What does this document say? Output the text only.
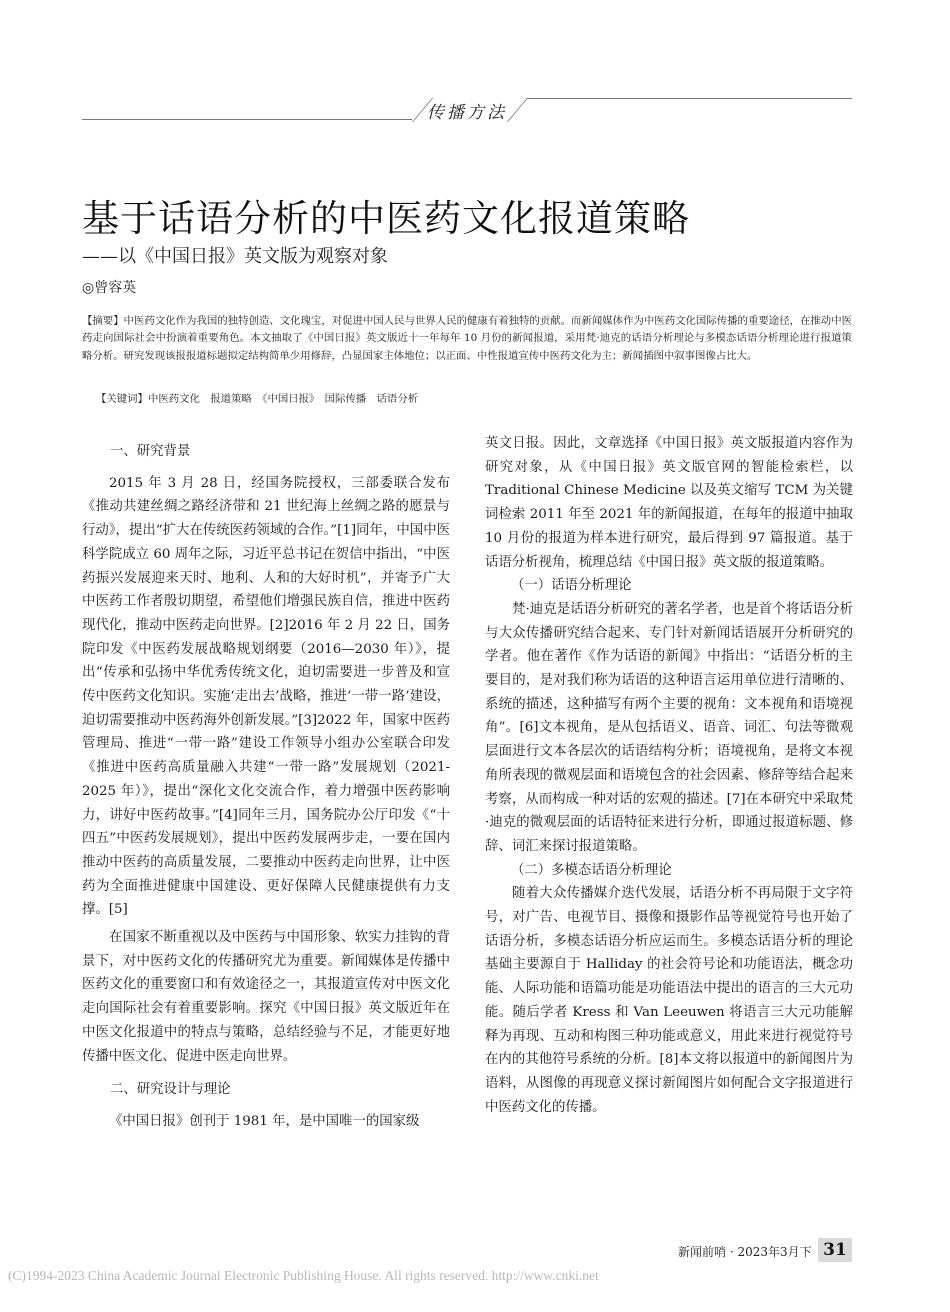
传播方法
基于话语分析的中医药文化报道策略
——以《中国日报》英文版为观察对象
◎曾容英

【摘要】中医药文化作为我国的独特创造、文化瑰宝，对促进中国人民与世界人民的健康有着独特的贡献。而新闻媒体作为中医药文化国际传播的重要途径，在推动中医药走向国际社会中扮演着重要角色。本文抽取了《中国日报》英文版近十一年每年 10 月份的新闻报道，采用梵·迪克的话语分析理论与多模态话语分析理论进行报道策略分析。研究发现该报报道标题拟定结构简单少用修辞，凸显国家主体地位；以正面、中性报道宣传中医药文化为主；新闻插图中叙事图像占比大。

【关键词】中医药文化　报道策略　《中国日报》　国际传播　话语分析

一、研究背景

2015 年 3 月 28 日，经国务院授权，三部委联合发布《推动共建丝绸之路经济带和 21 世纪海上丝绸之路的愿景与行动》，提出“扩大在传统医药领域的合作。”[1]同年，中国中医科学院成立 60 周年之际，习近平总书记在贺信中指出，“中医药振兴发展迎来天时、地利、人和的大好时机”，并寄予广大中医药工作者殷切期望，希望他们增强民族自信，推进中医药现代化，推动中医药走向世界。[2]2016 年 2 月 22 日，国务院印发《中医药发展战略规划纲要（2016—2030 年）》，提出“传承和弘扬中华优秀传统文化，迫切需要进一步普及和宣传中医药文化知识。实施‘走出去’战略，推进‘一带一路’建设，迫切需要推动中医药海外创新发展。”[3]2022 年，国家中医药管理局、推进“一带一路”建设工作领导小组办公室联合印发《推进中医药高质量融入共建“一带一路”发展规划（2021- 2025 年）》，提出“深化文化交流合作，着力增强中医药影响力，讲好中医药故事。”[4]同年三月，国务院办公厅印发《“十四五”中医药发展规划》，提出中医药发展两步走，一要在国内推动中医药的高质量发展，二要推动中医药走向世界，让中医药为全面推进健康中国建设、更好保障人民健康提供有力支撑。[5]

在国家不断重视以及中医药与中国形象、软实力挂钩的背景下，对中医药文化的传播研究尤为重要。新闻媒体是传播中医药文化的重要窗口和有效途径之一，其报道宣传对中医文化走向国际社会有着重要影响。探究《中国日报》英文版近年在中医文化报道中的特点与策略，总结经验与不足，才能更好地传播中医文化、促进中医走向世界。

二、研究设计与理论

《中国日报》创刊于 1981 年，是中国唯一的国家级

英文日报。因此，文章选择《中国日报》英文版报道内容作为研究对象，从《中国日报》英文版官网的智能检索栏，以 Traditional Chinese Medicine 以及英文缩写 TCM 为关键词检索 2011 年至 2021 年的新闻报道，在每年的报道中抽取 10 月份的报道为样本进行研究，最后得到 97 篇报道。基于话语分析视角，梳理总结《中国日报》英文版的报道策略。

（一）话语分析理论

梵·迪克是话语分析研究的著名学者，也是首个将话语分析与大众传播研究结合起来、专门针对新闻话语展开分析研究的学者。他在著作《作为话语的新闻》中指出：“话语分析的主要目的，是对我们称为话语的这种语言运用单位进行清晰的、系统的描述，这种描写有两个主要的视角：文本视角和语境视角”。[6]文本视角，是从包括语义、语音、词汇、句法等微观层面进行文本各层次的话语结构分析；语境视角，是将文本视角所表现的微观层面和语境包含的社会因素、修辞等结合起来考察，从而构成一种对话的宏观的描述。[7]在本研究中采取梵·迪克的微观层面的话语特征来进行分析，即通过报道标题、修辞、词汇来探讨报道策略。

（二）多模态话语分析理论

随着大众传播媒介迭代发展，话语分析不再局限于文字符号，对广告、电视节目、摄像和摄影作品等视觉符号也开始了话语分析，多模态话语分析应运而生。多模态话语分析的理论基础主要源自于 Halliday 的社会符号论和功能语法，概念功能、人际功能和语篇功能是功能语法中提出的语言的三大元功能。随后学者 Kress 和 Van Leeuwen 将语言三大元功能解释为再现、互动和构图三种功能或意义，用此来进行视觉符号在内的其他符号系统的分析。[8]本文将以报道中的新闻图片为语料，从图像的再现意义探讨新闻图片如何配合文字报道进行中医药文化的传播。

新闻前哨 · 2023年3月下 31
(C)1994-2023 China Academic Journal Electronic Publishing House. All rights reserved. http://www.cnki.net
